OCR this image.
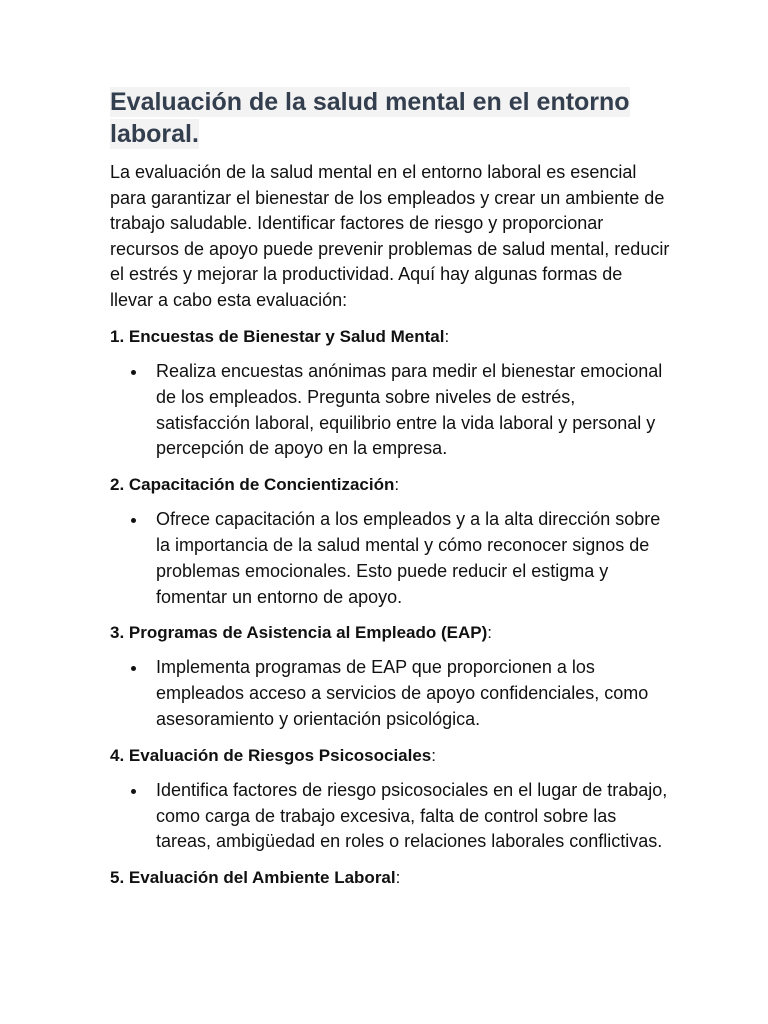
Evaluación de la salud mental en el entorno laboral.

La evaluación de la salud mental en el entorno laboral es esencial para garantizar el bienestar de los empleados y crear un ambiente de trabajo saludable. Identificar factores de riesgo y proporcionar recursos de apoyo puede prevenir problemas de salud mental, reducir el estrés y mejorar la productividad. Aquí hay algunas formas de llevar a cabo esta evaluación:

1. Encuestas de Bienestar y Salud Mental:
Realiza encuestas anónimas para medir el bienestar emocional de los empleados. Pregunta sobre niveles de estrés, satisfacción laboral, equilibrio entre la vida laboral y personal y percepción de apoyo en la empresa.
2. Capacitación de Concientización:
Ofrece capacitación a los empleados y a la alta dirección sobre la importancia de la salud mental y cómo reconocer signos de problemas emocionales. Esto puede reducir el estigma y fomentar un entorno de apoyo.
3. Programas de Asistencia al Empleado (EAP):
Implementa programas de EAP que proporcionen a los empleados acceso a servicios de apoyo confidenciales, como asesoramiento y orientación psicológica.
4. Evaluación de Riesgos Psicosociales:
Identifica factores de riesgo psicosociales en el lugar de trabajo, como carga de trabajo excesiva, falta de control sobre las tareas, ambigüedad en roles o relaciones laborales conflictivas.
5. Evaluación del Ambiente Laboral:
